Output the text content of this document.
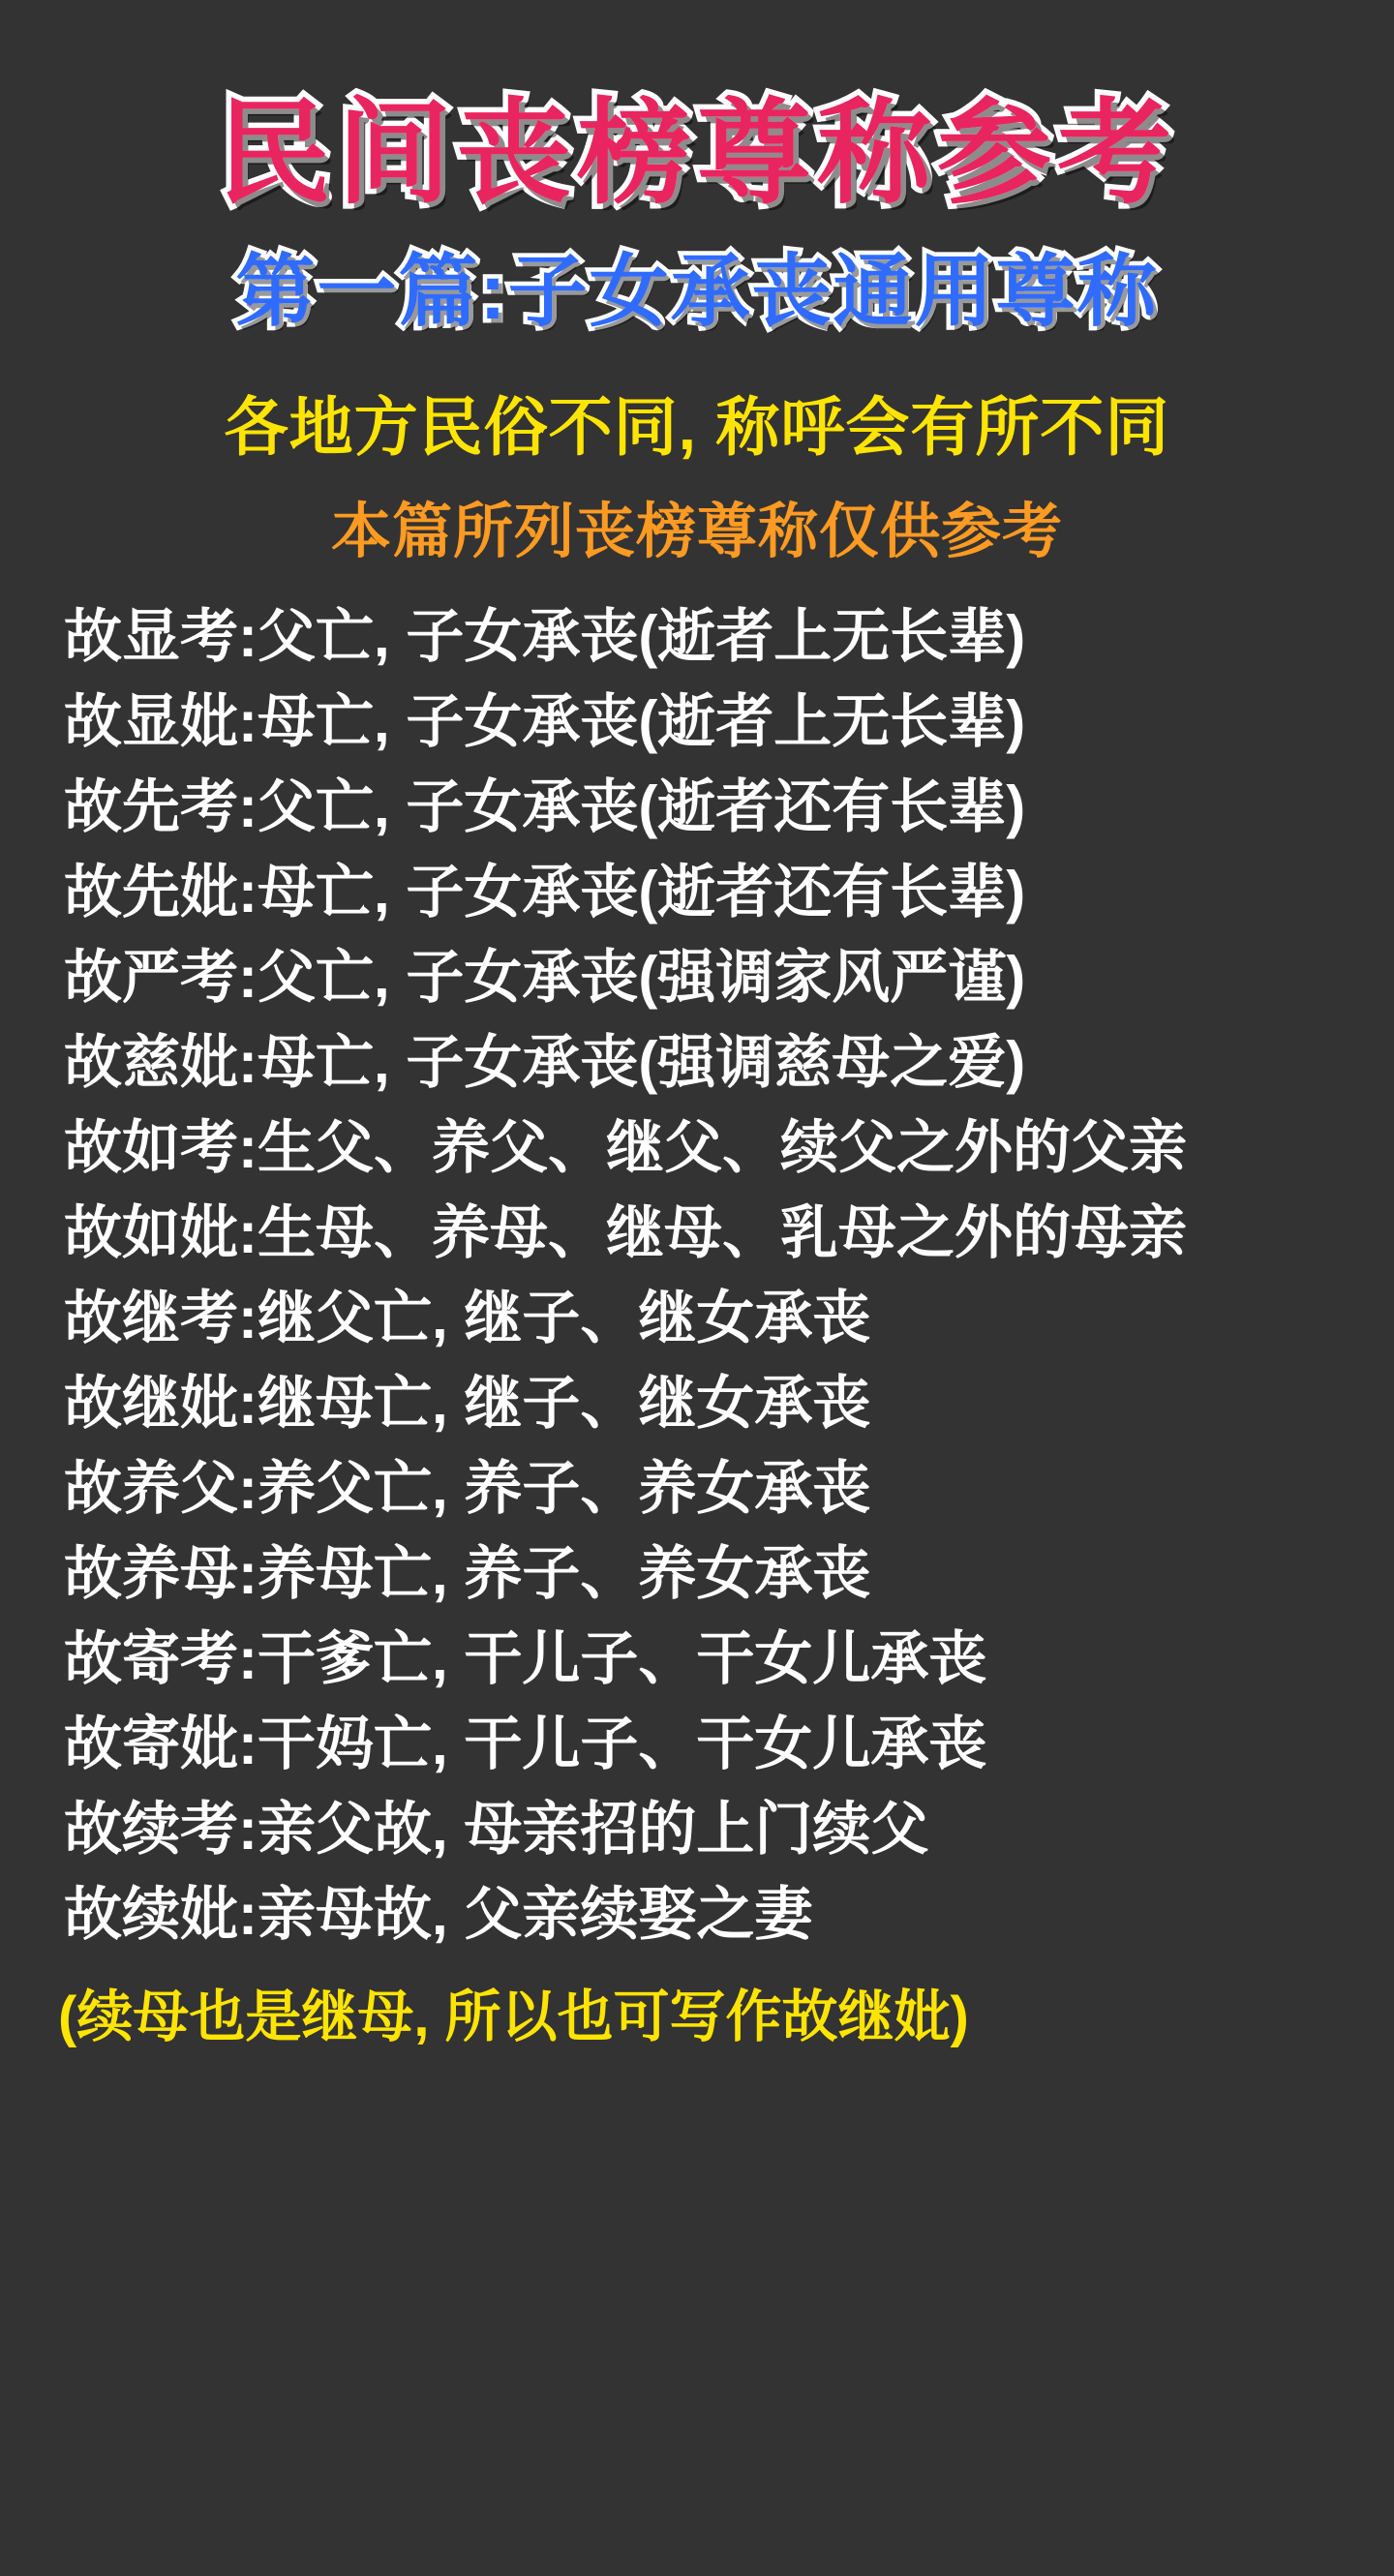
民间丧榜尊称参考 第一篇:子女承丧通用尊称
各地方民俗不同, 称呼会有所不同
本篇所列丧榜尊称仅供参考
故显考:父亡, 子女承丧(逝者上无长辈)
故显妣:母亡, 子女承丧(逝者上无长辈)
故先考:父亡, 子女承丧(逝者还有长辈)
故先妣:母亡, 子女承丧(逝者还有长辈)
故严考:父亡, 子女承丧(强调家风严谨)
故慈妣:母亡, 子女承丧(强调慈母之爱)
故如考:生父、养父、继父、续父之外的父亲
故如妣:生母、养母、继母、乳母之外的母亲
故继考:继父亡, 继子、继女承丧
故继妣:继母亡, 继子、继女承丧
故养父:养父亡, 养子、养女承丧
故养母:养母亡, 养子、养女承丧
故寄考:干爹亡, 干儿子、干女儿承丧
故寄妣:干妈亡, 干儿子、干女儿承丧
故续考:亲父故, 母亲招的上门续父
故续妣:亲母故, 父亲续娶之妻
(续母也是继母, 所以也可写作故继妣)
